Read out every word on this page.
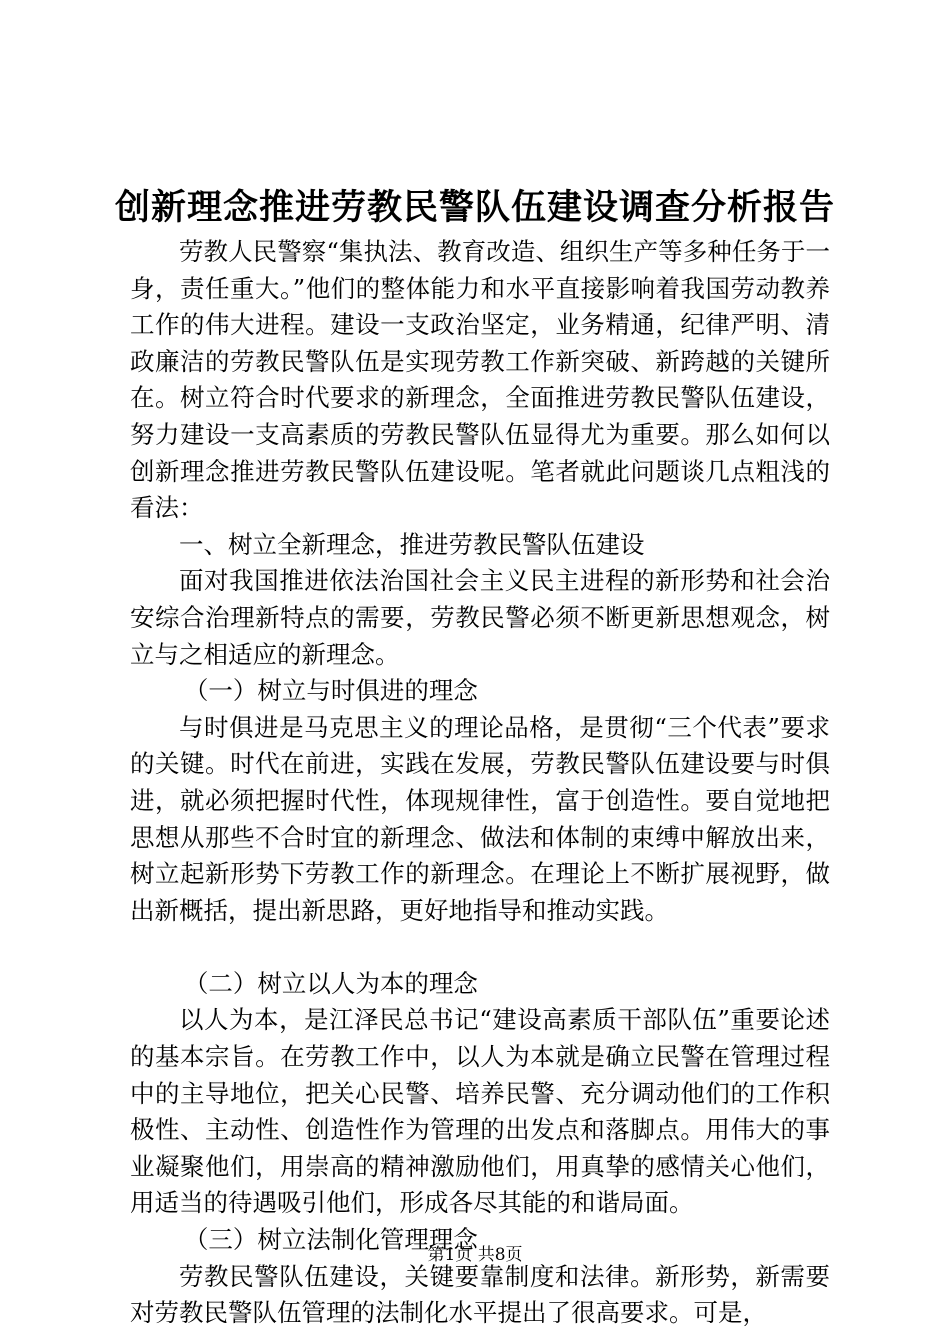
创新理念推进劳教民警队伍建设调查分析报告

劳教人民警察“集执法、教育改造、组织生产等多种任务于一身，责任重大。”他们的整体能力和水平直接影响着我国劳动教养工作的伟大进程。建设一支政治坚定，业务精通，纪律严明、清政廉洁的劳教民警队伍是实现劳教工作新突破、新跨越的关键所在。树立符合时代要求的新理念，全面推进劳教民警队伍建设，努力建设一支高素质的劳教民警队伍显得尤为重要。那么如何以创新理念推进劳教民警队伍建设呢。笔者就此问题谈几点粗浅的看法：

一、树立全新理念，推进劳教民警队伍建设

面对我国推进依法治国社会主义民主进程的新形势和社会治安综合治理新特点的需要，劳教民警必须不断更新思想观念，树立与之相适应的新理念。

（一）树立与时俱进的理念

与时俱进是马克思主义的理论品格，是贯彻“三个代表”要求的关键。时代在前进，实践在发展，劳教民警队伍建设要与时俱进，就必须把握时代性，体现规律性，富于创造性。要自觉地把思想从那些不合时宜的新理念、做法和体制的束缚中解放出来，树立起新形势下劳教工作的新理念。在理论上不断扩展视野，做出新概括，提出新思路，更好地指导和推动实践。

（二）树立以人为本的理念

以人为本，是江泽民总书记“建设高素质干部队伍”重要论述的基本宗旨。在劳教工作中，以人为本就是确立民警在管理过程中的主导地位，把关心民警、培养民警、充分调动他们的工作积极性、主动性、创造性作为管理的出发点和落脚点。用伟大的事业凝聚他们，用崇高的精神激励他们，用真挚的感情关心他们，用适当的待遇吸引他们，形成各尽其能的和谐局面。

（三）树立法制化管理理念

劳教民警队伍建设，关键要靠制度和法律。新形势，新需要对劳教民警队伍管理的法制化水平提出了很高要求。可是，

第1页 共8页
